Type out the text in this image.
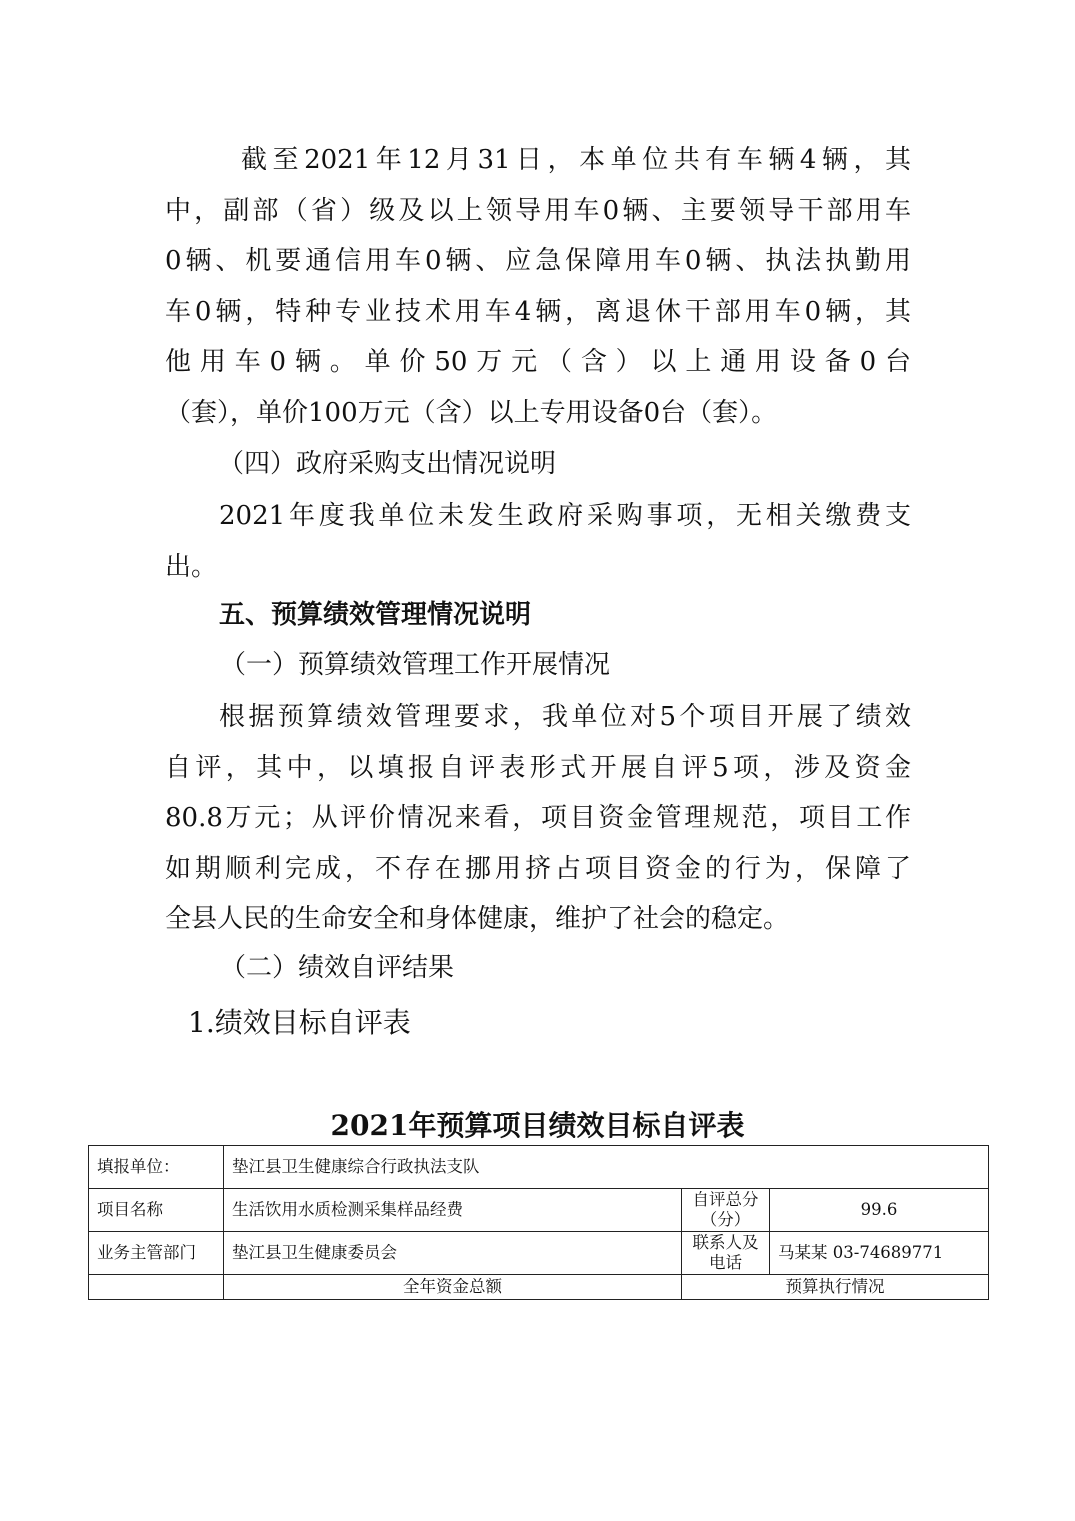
截至2021年12月31日，本单位共有车辆4辆，其
中，副部（省）级及以上领导用车0辆、主要领导干部用车
0辆、机要通信用车0辆、应急保障用车0辆、执法执勤用
车0辆，特种专业技术用车4辆，离退休干部用车0辆，其
他用车0辆。单价50万元（含）以上通用设备0台
（套），单价100万元（含）以上专用设备0台（套）。

（四）政府采购支出情况说明

2021年度我单位未发生政府采购事项，无相关缴费支
出。

五、预算绩效管理情况说明

（一）预算绩效管理工作开展情况

根据预算绩效管理要求，我单位对5个项目开展了绩效
自评，其中，以填报自评表形式开展自评5项，涉及资金
80.8万元；从评价情况来看，项目资金管理规范，项目工作
如期顺利完成，不存在挪用挤占项目资金的行为，保障了
全县人民的生命安全和身体健康，维护了社会的稳定。

（二）绩效自评结果

1.绩效目标自评表

2021年预算项目绩效目标自评表
填报单位：	垫江县卫生健康综合行政执法支队		
项目名称	生活饮用水质检测采集样品经费	自评总分（分）	99.6
业务主管部门	垫江县卫生健康委员会	联系人及电话	马某某 03-74689771
	全年资金总额	预算执行情况	
